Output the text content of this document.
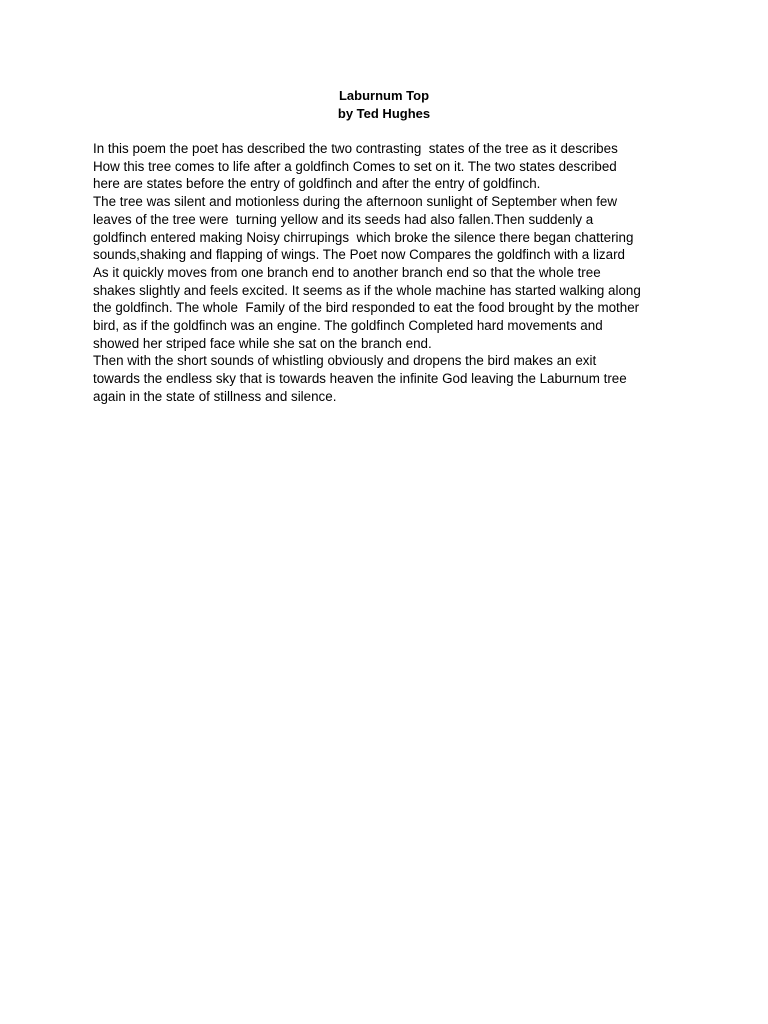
Laburnum Top
by Ted Hughes
In this poem the poet has described the two contrasting  states of the tree as it describes
How this tree comes to life after a goldfinch Comes to set on it. The two states described
here are states before the entry of goldfinch and after the entry of goldfinch.
The tree was silent and motionless during the afternoon sunlight of September when few
leaves of the tree were  turning yellow and its seeds had also fallen.Then suddenly a
goldfinch entered making Noisy chirrupings  which broke the silence there began chattering
sounds,shaking and flapping of wings. The Poet now Compares the goldfinch with a lizard
As it quickly moves from one branch end to another branch end so that the whole tree
shakes slightly and feels excited. It seems as if the whole machine has started walking along
the goldfinch. The whole  Family of the bird responded to eat the food brought by the mother
bird, as if the goldfinch was an engine. The goldfinch Completed hard movements and
showed her striped face while she sat on the branch end.
Then with the short sounds of whistling obviously and dropens the bird makes an exit
towards the endless sky that is towards heaven the infinite God leaving the Laburnum tree
again in the state of stillness and silence.
